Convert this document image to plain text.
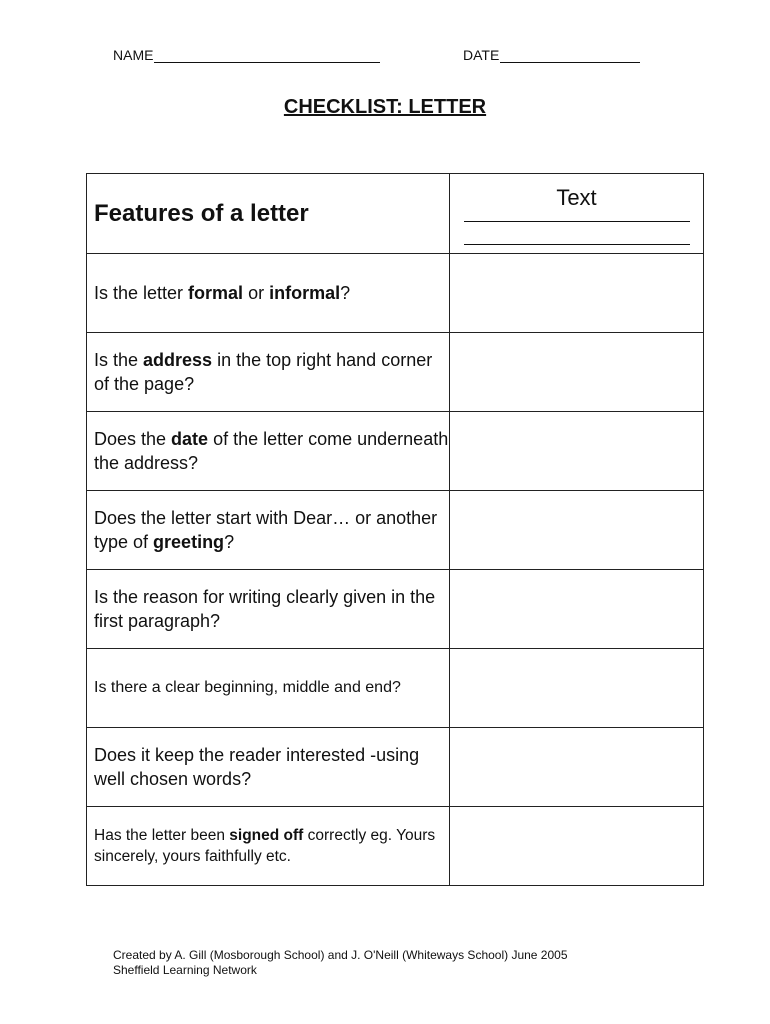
NAME	DATE
CHECKLIST: LETTER
Features of a letter	Text

Is the letter formal or informal?	
Is the address in the top right hand corner of the page?	
Does the date of the letter come underneath the address?	
Does the letter start with Dear… or another type of greeting?	
Is the reason for writing clearly given in the first paragraph?	
Is there a clear beginning, middle and end?	
Does it keep the reader interested -using well chosen words?	
Has the letter been signed off correctly eg. Yours sincerely, yours faithfully etc.	
Created by A. Gill (Mosborough School) and J. O'Neill (Whiteways School) June 2005
Sheffield Learning Network
